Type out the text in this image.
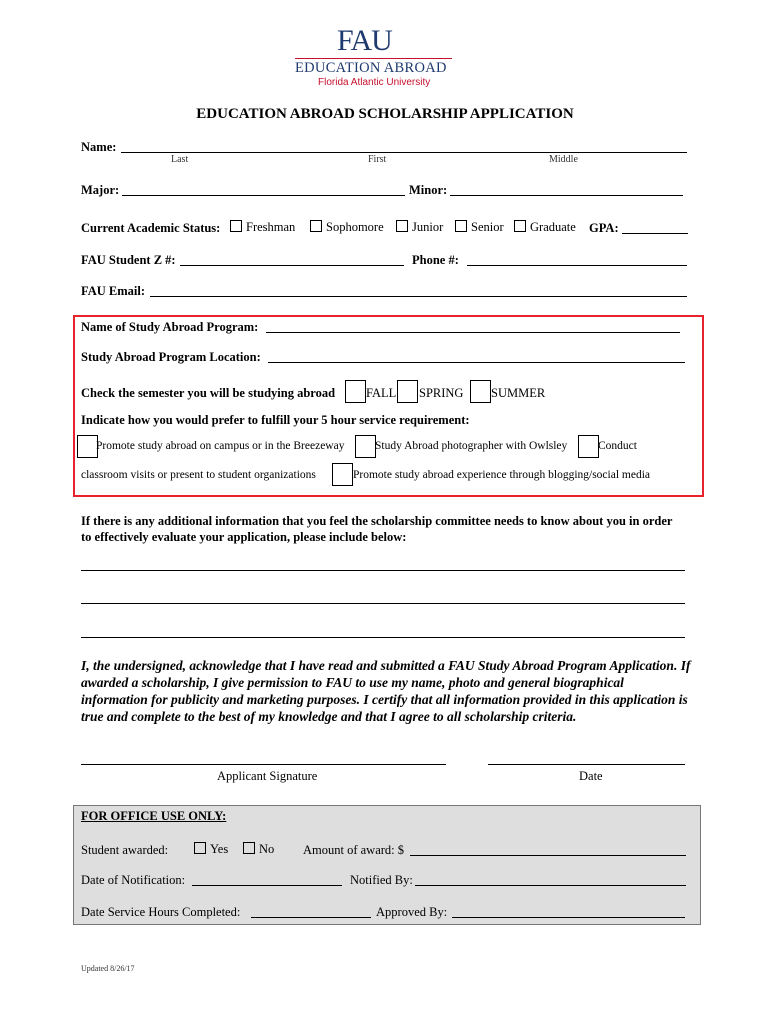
FAU
EDUCATION ABROAD
Florida Atlantic University
EDUCATION ABROAD SCHOLARSHIP APPLICATION
Name:
Last	First	Middle
Major:	Minor:
Current Academic Status:	Freshman	Sophomore	Junior	Senior	Graduate GPA:
FAU Student Z #:	Phone #:
FAU Email:
Name of Study Abroad Program:
Study Abroad Program Location:
Check the semester you will be studying abroad FALL SPRING SUMMER
Indicate how you would prefer to fulfill your 5 hour service requirement:
Promote study abroad on campus or in the Breezeway	Study Abroad photographer with Owlsley	Conduct
classroom visits or present to student organizations	Promote study abroad experience through blogging/social media
If there is any additional information that you feel the scholarship committee needs to know about you in order to effectively evaluate your application, please include below:
I, the undersigned, acknowledge that I have read and submitted a FAU Study Abroad Program Application. If awarded a scholarship, I give permission to FAU to use my name, photo and general biographical information for publicity and marketing purposes. I certify that all information provided in this application is true and complete to the best of my knowledge and that I agree to all scholarship criteria.
Applicant Signature	Date
FOR OFFICE USE ONLY:
Student awarded:	Yes	No Amount of award: $
Date of Notification:	Notified By:
Date Service Hours Completed:	Approved By:
Updated 8/26/17
